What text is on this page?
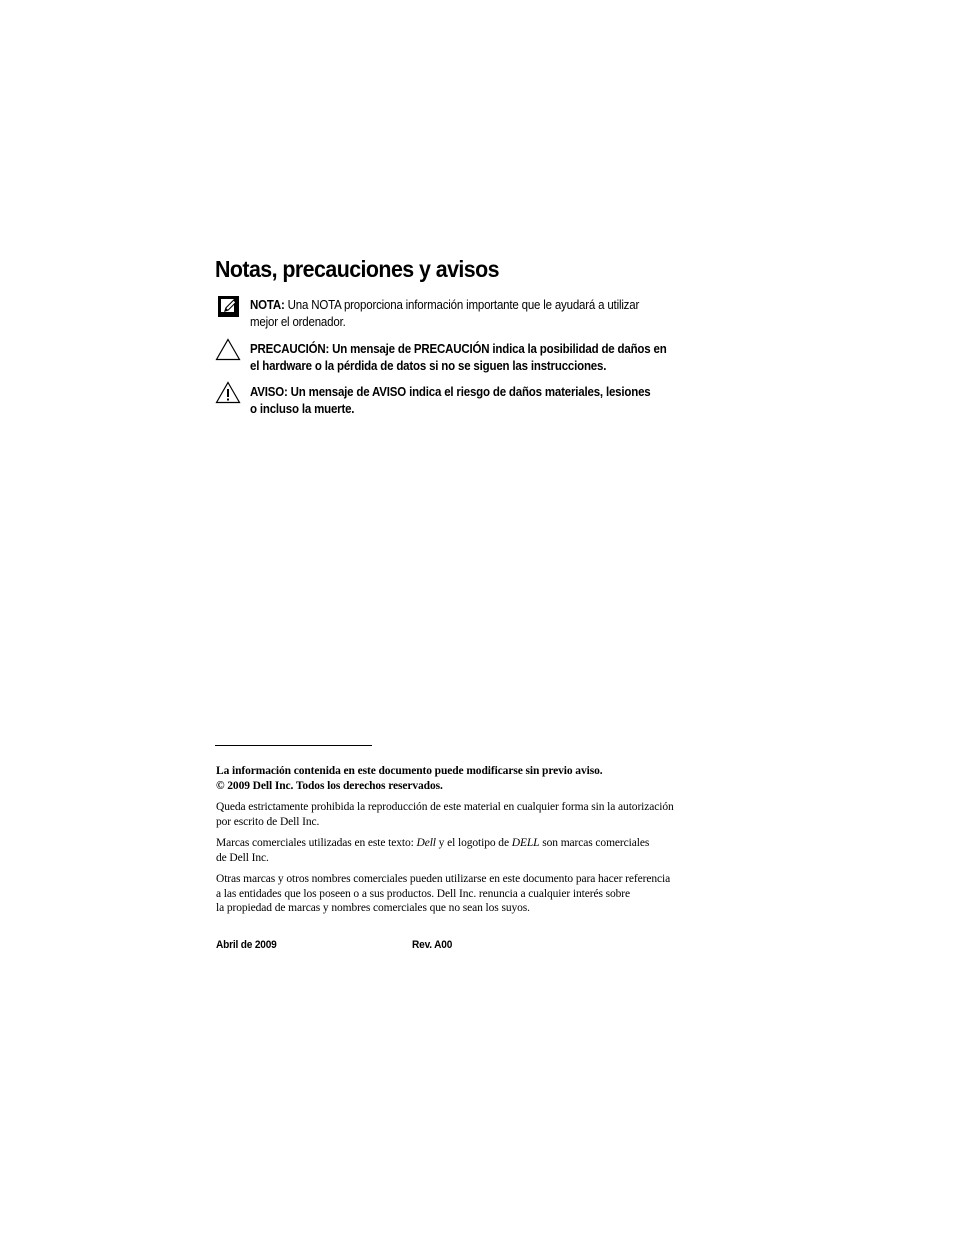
Notas, precauciones y avisos
NOTA: Una NOTA proporciona información importante que le ayudará a utilizar
mejor el ordenador.
PRECAUCIÓN: Un mensaje de PRECAUCIÓN indica la posibilidad de daños en
el hardware o la pérdida de datos si no se siguen las instrucciones.
AVISO: Un mensaje de AVISO indica el riesgo de daños materiales, lesiones
o incluso la muerte.

La información contenida en este documento puede modificarse sin previo aviso.

© 2009 Dell Inc. Todos los derechos reservados.

Queda estrictamente prohibida la reproducción de este material en cualquier forma sin la autorización

por escrito de Dell Inc.

Marcas comerciales utilizadas en este texto: Dell y el logotipo de DELL son marcas comerciales

de Dell Inc.

Otras marcas y otros nombres comerciales pueden utilizarse en este documento para hacer referencia

a las entidades que los poseen o a sus productos. Dell Inc. renuncia a cualquier interés sobre

la propiedad de marcas y nombres comerciales que no sean los suyos.

Abril de 2009	Rev. A00
